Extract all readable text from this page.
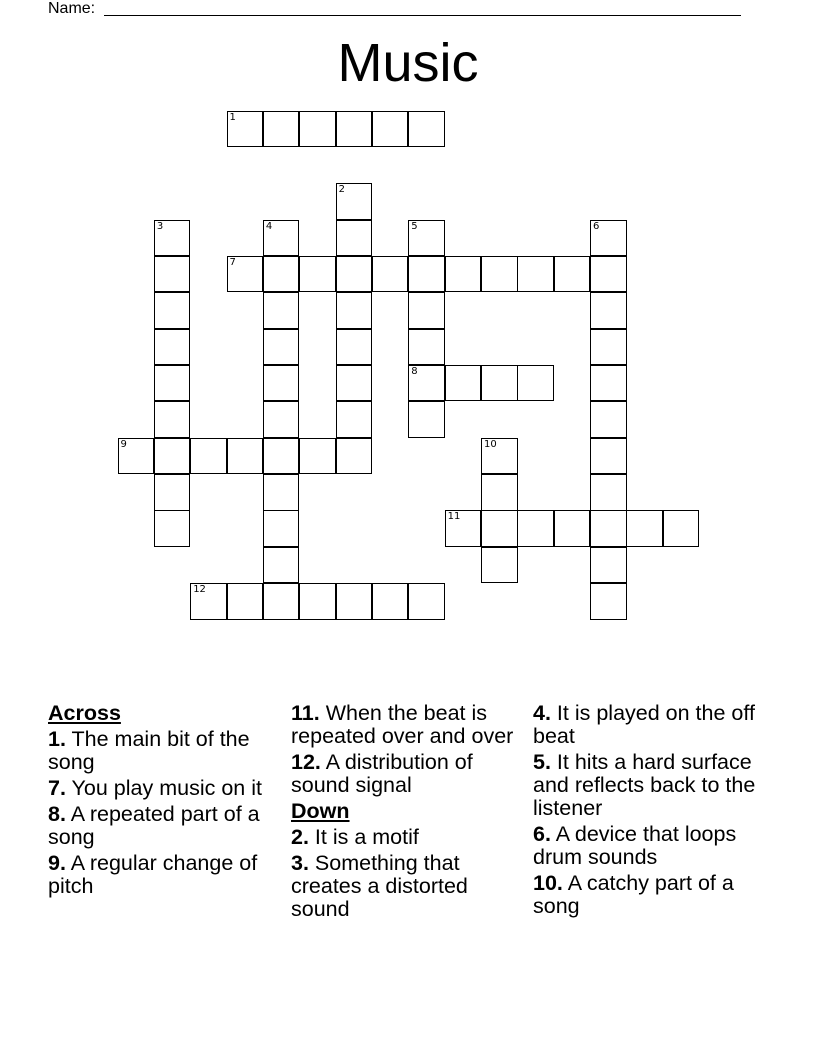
Name:
Music
1
2
3	4	5
8
6
7
9	10
11
12
Across
1. The main bit of the song
7. You play music on it
8. A repeated part of a song
9. A regular change of pitch
11. When the beat is repeated over and over
12. A distribution of sound signal
Down
2. It is a motif
3. Something that creates a distorted sound
4. It is played on the off beat
5. It hits a hard surface and reflects back to the listener
6. A device that loops drum sounds
10. A catchy part of a song
